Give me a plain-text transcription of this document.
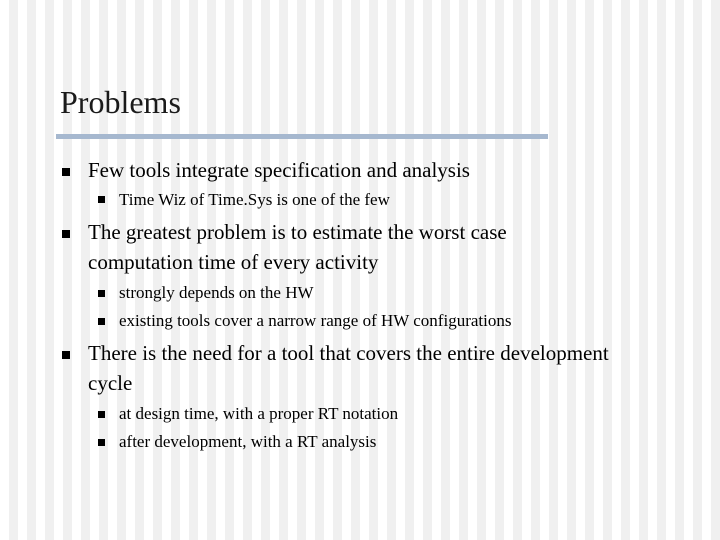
Problems
Few tools integrate specification and analysis
Time Wiz of Time.Sys is one of the few
The greatest problem is to estimate the worst case
computation time of every activity
strongly depends on the HW
existing tools cover a narrow range of HW configurations
There is the need for a tool that covers the entire development
cycle
at design time, with a proper RT notation
after development, with a RT analysis
